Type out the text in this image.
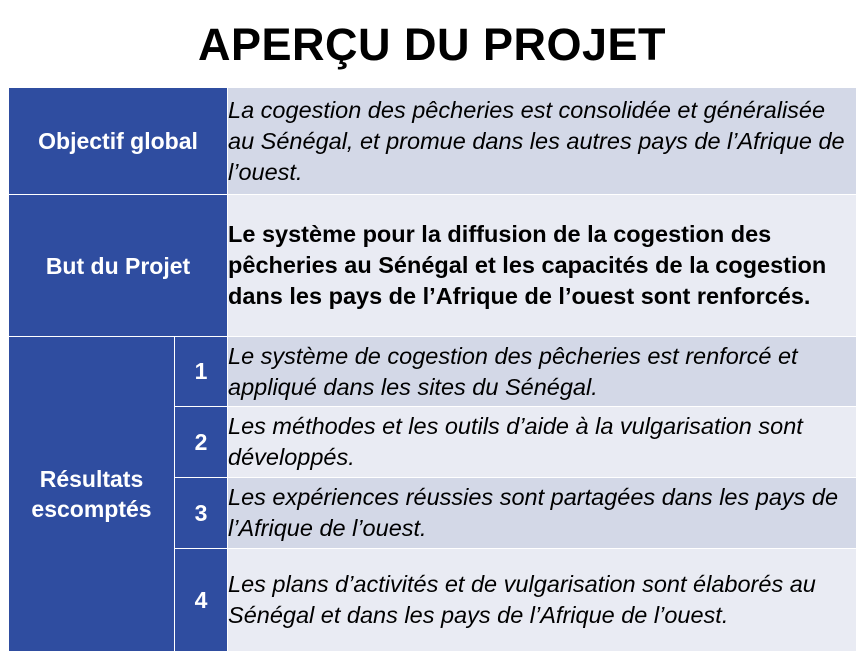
APERÇU DU PROJET
Objectif global		La cogestion des pêcheries est consolidée et généralisée au Sénégal, et promue dans les autres pays de l’Afrique de l’ouest.
But du Projet		Le système pour la diffusion de la cogestion des pêcheries au Sénégal et les capacités de la cogestion dans les pays de l’Afrique de l’ouest sont renforcés.
Résultats escomptés	1	Le système de cogestion des pêcheries est renforcé et appliqué dans les sites du Sénégal.
	2	Les méthodes et les outils d’aide à la vulgarisation sont développés.
	3	Les expériences réussies sont partagées dans les pays de l’Afrique de l’ouest.
	4	Les plans d’activités et de vulgarisation sont élaborés au Sénégal et dans les pays de l’Afrique de l’ouest.
